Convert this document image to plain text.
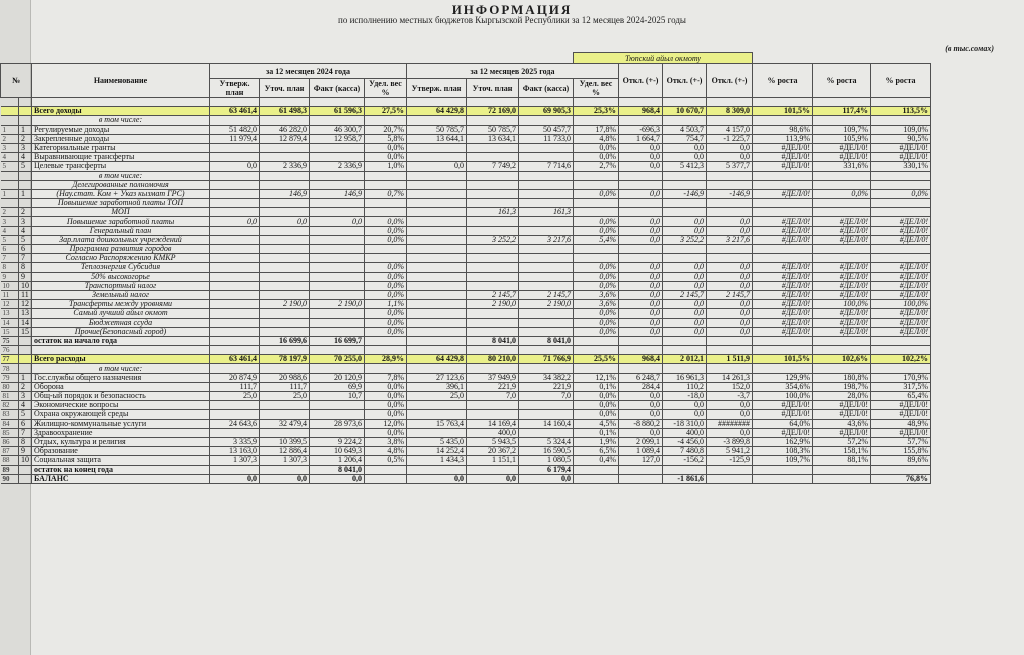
ИНФОРМАЦИЯ
по исполнению местных бюджетов Кыргызской Республики за 12 месяцев 2024-2025 годы
(в тыс.сомах)
										Тюпский айыл окмоту						
№		Наименование	за 12 месяцев 2024 года				за 12 месяцев 2025 года				Откл. (+-)	Откл. (+-)	Откл. (+-)	% роста	% роста	% роста
			Утверж. план	Уточ. план	Факт (касса)	Удел. вес %	Утверж. план	Уточ. план	Факт (касса)	Удел. вес %						

		Всего доходы	63 461,4	61 498,3	61 596,3	27,5%	64 429,8	72 169,0	69 905,3	25,3%	968,4	10 670,7	8 309,0	101,5%	117,4%	113,5%
		в том числе:														
1	1	Регулируемые доходы	51 482,0	46 282,0	46 300,7	20,7%	50 785,7	50 785,7	50 457,7	17,8%	-696,3	4 503,7	4 157,0	98,6%	109,7%	109,0%
2	2	Закрепленные доходы	11 979,4	12 879,4	12 958,7	5,8%	13 644,1	13 634,1	11 733,0	4,8%	1 664,7	754,7	-1 225,7	113,9%	105,9%	90,5%
3	3	Категориальные гранты				0,0%				0,0%	0,0	0,0	0,0	#ДЕЛ/0!	#ДЕЛ/0!	#ДЕЛ/0!
4	4	Выравнивающие трансферты				0,0%				0,0%	0,0	0,0	0,0	#ДЕЛ/0!	#ДЕЛ/0!	#ДЕЛ/0!
5	5	Целевые трансферты	0,0	2 336,9	2 336,9	1,0%	0,0	7 749,2	7 714,6	2,7%	0,0	5 412,3	5 377,7	#ДЕЛ/0!	331,6%	330,1%
		в том числе:														
		Делегированные полномочия														
1	1	(Нау.стат. Ком + Указ кызмат ГРС)		146,9	146,9	0,7%				0,0%	0,0	-146,9	-146,9	#ДЕЛ/0!	0,0%	0,0%
		Повышение заработной платы ТОП														
2	2	МОП						161,3	161,3							
3	3	Повышение заработной платы	0,0	0,0	0,0	0,0%				0,0%	0,0	0,0	0,0	#ДЕЛ/0!	#ДЕЛ/0!	#ДЕЛ/0!
4	4	Генеральный план				0,0%				0,0%	0,0	0,0	0,0	#ДЕЛ/0!	#ДЕЛ/0!	#ДЕЛ/0!
5	5	Зар.плата дошкольных учреждений				0,0%		3 252,2	3 217,6	5,4%	0,0	3 252,2	3 217,6	#ДЕЛ/0!	#ДЕЛ/0!	#ДЕЛ/0!
6	6	Программа развития городов														
7	7	Согласно Распоряжению КМКР														
8	8	Теплоэнергия Субсидия				0,0%				0,0%	0,0	0,0	0,0	#ДЕЛ/0!	#ДЕЛ/0!	#ДЕЛ/0!
9	9	50% высокогорье				0,0%				0,0%	0,0	0,0	0,0	#ДЕЛ/0!	#ДЕЛ/0!	#ДЕЛ/0!
10	10	Транспортный налог				0,0%				0,0%	0,0	0,0	0,0	#ДЕЛ/0!	#ДЕЛ/0!	#ДЕЛ/0!
11	11	Земельный налог				0,0%		2 145,7	2 145,7	3,6%	0,0	2 145,7	2 145,7	#ДЕЛ/0!	#ДЕЛ/0!	#ДЕЛ/0!
12	12	Трансферты между уровнями		2 190,0	2 190,0	1,1%		2 190,0	2 190,0	3,6%	0,0	0,0	0,0	#ДЕЛ/0!	100,0%	100,0%
13	13	Самый лучший айыл окмот				0,0%				0,0%	0,0	0,0	0,0	#ДЕЛ/0!	#ДЕЛ/0!	#ДЕЛ/0!
14	14	Бюджетная ссуда				0,0%				0,0%	0,0	0,0	0,0	#ДЕЛ/0!	#ДЕЛ/0!	#ДЕЛ/0!
15	15	Прочие(Безопасный город)				0,0%				0,0%	0,0	0,0	0,0	#ДЕЛ/0!	#ДЕЛ/0!	#ДЕЛ/0!
75		остаток на начало года		16 699,6	16 699,7			8 041,0	8 041,0							
76																
77		Всего расходы	63 461,4	78 197,9	70 255,0	28,9%	64 429,8	80 210,0	71 766,9	25,5%	968,4	2 012,1	1 511,9	101,5%	102,6%	102,2%
78		в том числе:														
79	1	Гос.службы общего назначения	20 874,9	20 988,6	20 120,9	7,8%	27 123,6	37 949,9	34 382,2	12,1%	6 248,7	16 961,3	14 261,3	129,9%	180,8%	170,9%
80	2	Оборона	111,7	111,7	69,9	0,0%	396,1	221,9	221,9	0,1%	284,4	110,2	152,0	354,6%	198,7%	317,5%
81	3	Общ-ый порядок и безопасность	25,0	25,0	10,7	0,0%	25,0	7,0	7,0	0,0%	0,0	-18,0	-3,7	100,0%	28,0%	65,4%
82	4	Экономические вопросы				0,0%				0,0%	0,0	0,0	0,0	#ДЕЛ/0!	#ДЕЛ/0!	#ДЕЛ/0!
83	5	Охрана окружающей среды				0,0%				0,0%	0,0	0,0	0,0	#ДЕЛ/0!	#ДЕЛ/0!	#ДЕЛ/0!
84	6	Жилищно-коммунальные услуги	24 643,6	32 479,4	28 973,6	12,0%	15 763,4	14 169,4	14 160,4	4,5%	-8 880,2	-18 310,0	########	64,0%	43,6%	48,9%
85	7	Здравоохранение				0,0%		400,0		0,1%	0,0	400,0	0,0	#ДЕЛ/0!	#ДЕЛ/0!	#ДЕЛ/0!
86	8	Отдых, культура и религия	3 335,9	10 399,5	9 224,2	3,8%	5 435,0	5 943,5	5 324,4	1,9%	2 099,1	-4 456,0	-3 899,8	162,9%	57,2%	57,7%
87	9	Образование	13 163,0	12 886,4	10 649,3	4,8%	14 252,4	20 367,2	16 590,5	6,5%	1 089,4	7 480,8	5 941,2	108,3%	158,1%	155,8%
88	10	Социальная защита	1 307,3	1 307,3	1 206,4	0,5%	1 434,3	1 151,1	1 080,5	0,4%	127,0	-156,2	-125,9	109,7%	88,1%	89,6%
89		остаток на конец года			8 041,0				6 179,4							
90		БАЛАНС	0,0	0,0	0,0		0,0	0,0	0,0			-1 861,6				76,8%
